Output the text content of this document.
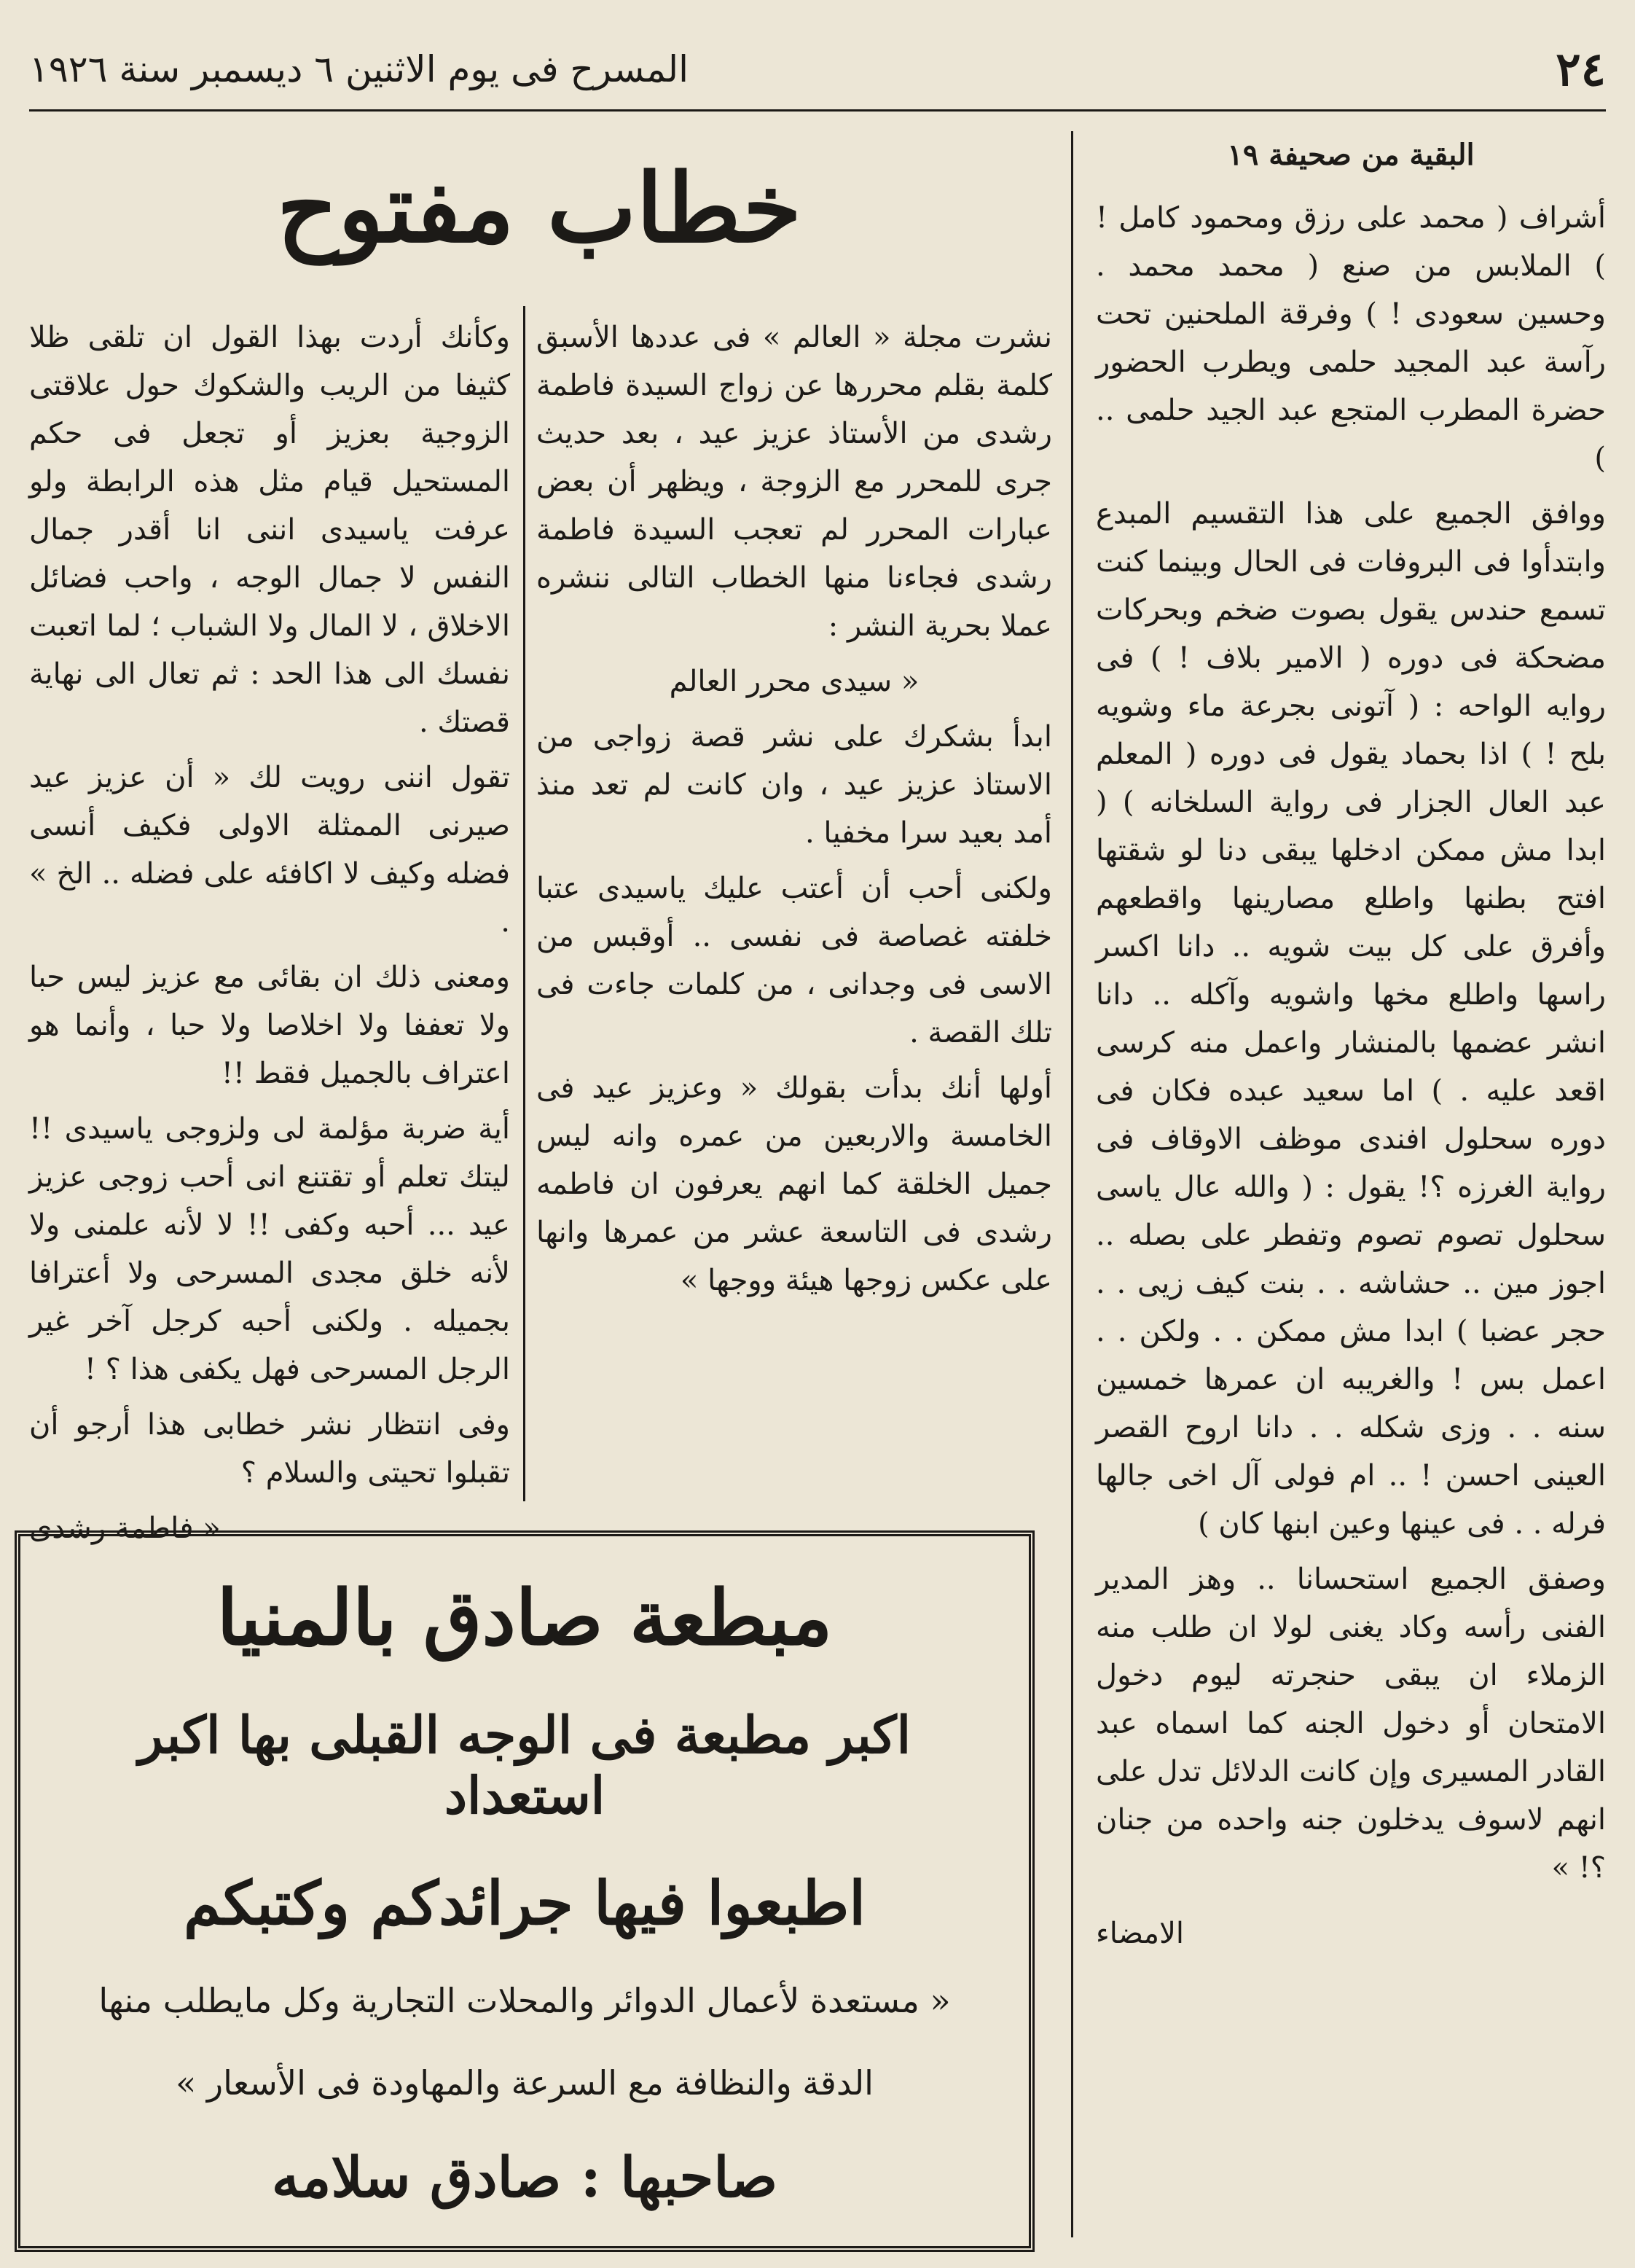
٢٤
المسرح فى يوم الاثنين ٦ ديسمبر سنة ١٩٢٦

البقية من صحيفة ١٩

أشراف ( محمد على رزق ومحمود كامل ! ) الملابس من صنع ( محمد محمد . وحسين سعودى ! ) وفرقة الملحنين تحت رآسة عبد المجيد حلمى ويطرب الحضور حضرة المطرب المتجع عبد الجيد حلمى .. )

ووافق الجميع على هذا التقسيم المبدع وابتدأوا فى البروفات فى الحال وبينما كنت تسمع حندس يقول بصوت ضخم وبحركات مضحكة فى دوره ( الامير بلاف ! ) فى روايه الواحه : ( آتونى بجرعة ماء وشويه بلح ! ) اذا بحماد يقول فى دوره ( المعلم عبد العال الجزار فى رواية السلخانه ) ( ابدا مش ممكن ادخلها يبقى دنا لو شقتها افتح بطنها واطلع مصارينها واقطعهم وأفرق على كل بيت شويه .. دانا اكسر راسها واطلع مخها واشويه وآكله .. دانا انشر عضمها بالمنشار واعمل منه كرسى اقعد عليه . ) اما سعيد عبده فكان فى دوره سحلول افندى موظف الاوقاف فى رواية الغرزه ؟! يقول : ( والله عال ياسى سحلول تصوم تصوم وتفطر على بصله .. اجوز مين .. حشاشه . . بنت كيف زيى . . حجر عضبا ) ابدا مش ممكن . . ولكن . . اعمل بس ! والغريبه ان عمرها خمسين سنه . . وزى شكله . . دانا اروح القصر العينى احسن ! .. ام فولى آل اخى جالها فرله . . فى عينها وعين ابنها كان )

وصفق الجميع استحسانا .. وهز المدير الفنى رأسه وكاد يغنى لولا ان طلب منه الزملاء ان يبقى حنجرته ليوم دخول الامتحان أو دخول الجنه كما اسماه عبد القادر المسيرى وإن كانت الدلائل تدل على انهم لاسوف يدخلون جنه واحده من جنان ؟! »

الامضاء

خطاب مفتوح

نشرت مجلة « العالم » فى عددها الأسبق كلمة بقلم محررها عن زواج السيدة فاطمة رشدى من الأستاذ عزيز عيد ، بعد حديث جرى للمحرر مع الزوجة ، ويظهر أن بعض عبارات المحرر لم تعجب السيدة فاطمة رشدى فجاءنا منها الخطاب التالى ننشره عملا بحرية النشر :

« سيدى محرر العالم

ابدأ بشكرك على نشر قصة زواجى من الاستاذ عزيز عيد ، وان كانت لم تعد منذ أمد بعيد سرا مخفيا .

ولكنى أحب أن أعتب عليك ياسيدى عتبا خلفته غصاصة فى نفسى .. أوقبس من الاسى فى وجدانى ، من كلمات جاءت فى تلك القصة .

أولها أنك بدأت بقولك « وعزيز عيد فى الخامسة والاربعين من عمره وانه ليس جميل الخلقة كما انهم يعرفون ان فاطمه رشدى فى التاسعة عشر من عمرها وانها على عكس زوجها هيئة ووجها »

وكأنك أردت بهذا القول ان تلقى ظلا كثيفا من الريب والشكوك حول علاقتى الزوجية بعزيز أو تجعل فى حكم المستحيل قيام مثل هذه الرابطة ولو عرفت ياسيدى اننى انا أقدر جمال النفس لا جمال الوجه ، واحب فضائل الاخلاق ، لا المال ولا الشباب ؛ لما اتعبت نفسك الى هذا الحد : ثم تعال الى نهاية قصتك .

تقول اننى رويت لك « أن عزيز عيد صيرنى الممثلة الاولى فكيف أنسى فضله وكيف لا اكافئه على فضله .. الخ » .

ومعنى ذلك ان بقائى مع عزيز ليس حبا ولا تعففا ولا اخلاصا ولا حبا ، وأنما هو اعتراف بالجميل فقط !!

أية ضربة مؤلمة لى ولزوجى ياسيدى !! ليتك تعلم أو تقتنع انى أحب زوجى عزيز عيد ... أحبه وكفى !! لا لأنه علمنى ولا لأنه خلق مجدى المسرحى ولا أعترافا بجميله . ولكنى أحبه كرجل آخر غير الرجل المسرحى فهل يكفى هذا ؟ !

وفى انتظار نشر خطابى هذا أرجو أن تقبلوا تحيتى والسلام ؟

« فاطمة رشدى

مبطعة صادق بالمنيا
اكبر مطبعة فى الوجه القبلى بها اكبر استعداد
اطبعوا فيها جرائدكم وكتبكم
« مستعدة لأعمال الدوائر والمحلات التجارية وكل مايطلب منها
الدقة والنظافة مع السرعة والمهاودة فى الأسعار »
صاحبها : صادق سلامه
